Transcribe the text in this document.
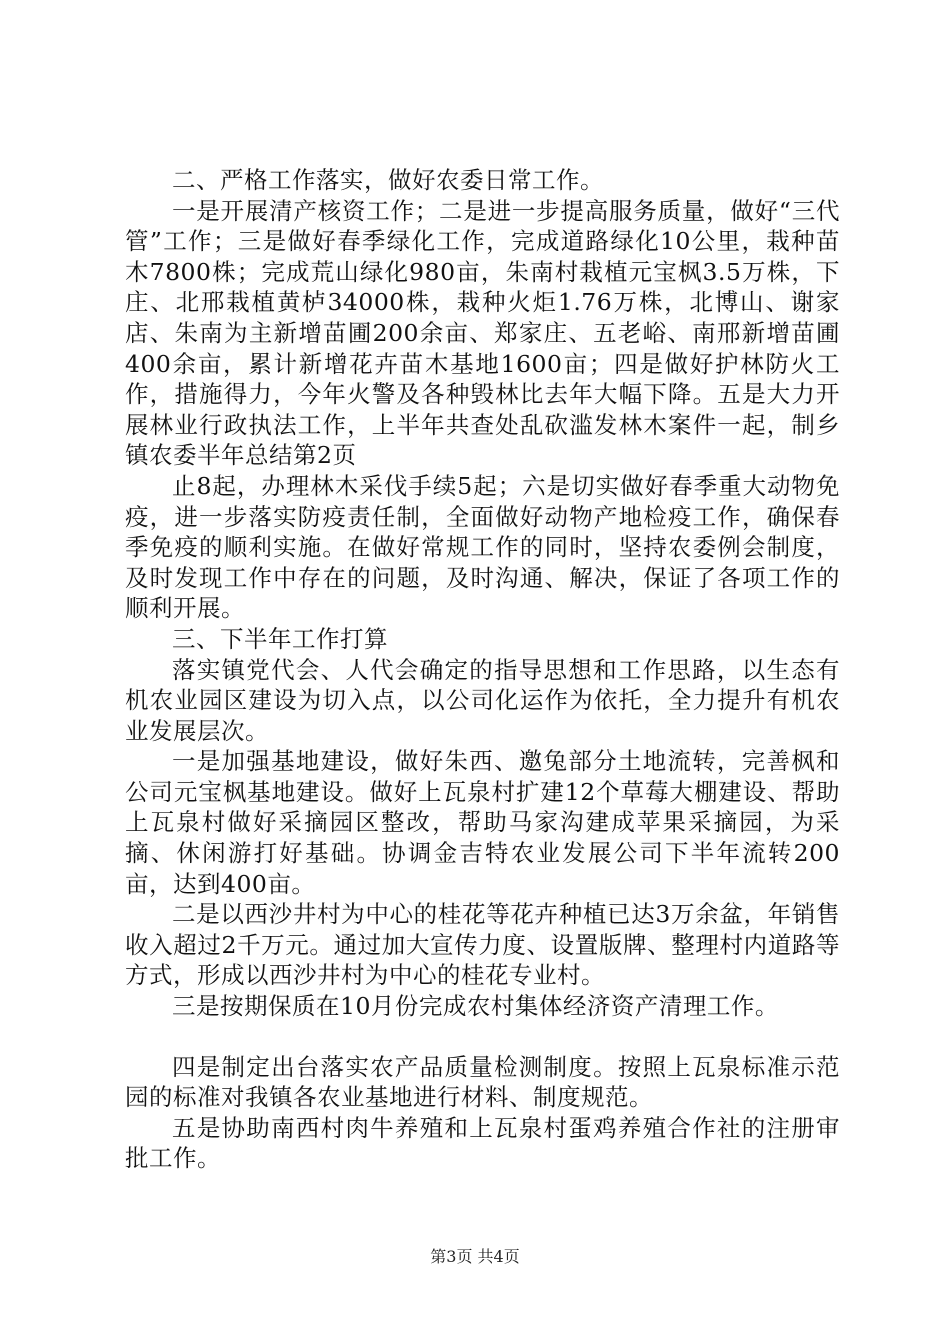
二、严格工作落实，做好农委日常工作。

一是开展清产核资工作；二是进一步提高服务质量，做好“三代管”工作；三是做好春季绿化工作，完成道路绿化10公里，栽种苗木7800株；完成荒山绿化980亩，朱南村栽植元宝枫3.5万株，下庄、北邢栽植黄栌34000株，栽种火炬1.76万株，北博山、谢家店、朱南为主新增苗圃200余亩、郑家庄、五老峪、南邢新增苗圃400余亩，累计新增花卉苗木基地1600亩；四是做好护林防火工作，措施得力，今年火警及各种毁林比去年大幅下降。五是大力开展林业行政执法工作，上半年共查处乱砍滥发林木案件一起，制乡镇农委半年总结第2页

止8起，办理林木采伐手续5起；六是切实做好春季重大动物免疫，进一步落实防疫责任制，全面做好动物产地检疫工作，确保春季免疫的顺利实施。在做好常规工作的同时，坚持农委例会制度，及时发现工作中存在的问题，及时沟通、解决，保证了各项工作的顺利开展。

三、下半年工作打算

落实镇党代会、人代会确定的指导思想和工作思路，以生态有机农业园区建设为切入点，以公司化运作为依托，全力提升有机农业发展层次。

一是加强基地建设，做好朱西、邀兔部分土地流转，完善枫和公司元宝枫基地建设。做好上瓦泉村扩建12个草莓大棚建设、帮助上瓦泉村做好采摘园区整改，帮助马家沟建成苹果采摘园，为采摘、休闲游打好基础。协调金吉特农业发展公司下半年流转200亩，达到400亩。

二是以西沙井村为中心的桂花等花卉种植已达3万余盆，年销售收入超过2千万元。通过加大宣传力度、设置版牌、整理村内道路等方式，形成以西沙井村为中心的桂花专业村。

三是按期保质在10月份完成农村集体经济资产清理工作。

四是制定出台落实农产品质量检测制度。按照上瓦泉标准示范园的标准对我镇各农业基地进行材料、制度规范。

五是协助南西村肉牛养殖和上瓦泉村蛋鸡养殖合作社的注册审批工作。

第3页 共4页
